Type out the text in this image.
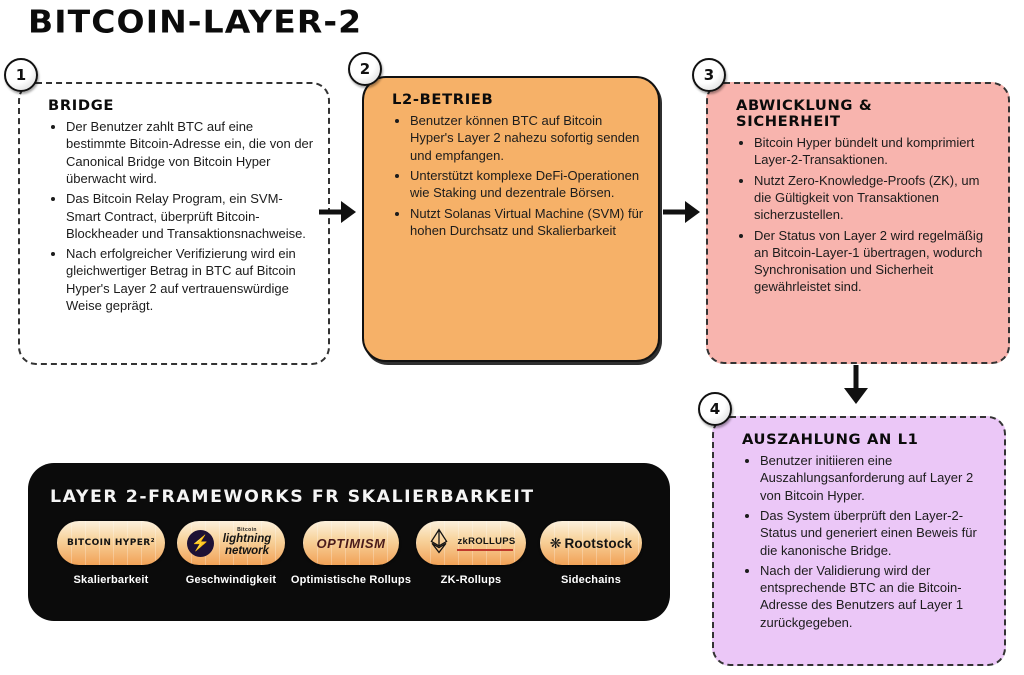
BITCOIN-LAYER-2
1
BRIDGE
• Der Benutzer zahlt BTC auf eine bestimmte Bitcoin-Adresse ein, die von der Canonical Bridge von Bitcoin Hyper überwacht wird.
• Das Bitcoin Relay Program, ein SVM-Smart Contract, überprüft Bitcoin-Blockheader und Transaktionsnachweise.
• Nach erfolgreicher Verifizierung wird ein gleichwertiger Betrag in BTC auf Bitcoin Hyper's Layer 2 auf vertrauenswürdige Weise geprägt.
2
L2-BETRIEB
• Benutzer können BTC auf Bitcoin Hyper's Layer 2 nahezu sofortig senden und empfangen.
• Unterstützt komplexe DeFi-Operationen wie Staking und dezentrale Börsen.
• Nutzt Solanas Virtual Machine (SVM) für hohen Durchsatz und Skalierbarkeit
3
ABWICKLUNG & SICHERHEIT
• Bitcoin Hyper bündelt und komprimiert Layer-2-Transaktionen.
• Nutzt Zero-Knowledge-Proofs (ZK), um die Gültigkeit von Transaktionen sicherzustellen.
• Der Status von Layer 2 wird regelmäßig an Bitcoin-Layer-1 übertragen, wodurch Synchronisation und Sicherheit gewährleistet sind.
4
AUSZAHLUNG AN L1
• Benutzer initiieren eine Auszahlungsanforderung auf Layer 2 von Bitcoin Hyper.
• Das System überprüft den Layer-2-Status und generiert einen Beweis für die kanonische Bridge.
• Nach der Validierung wird der entsprechende BTC an die Bitcoin-Adresse des Benutzers auf Layer 1 zurückgegeben.
LAYER 2-FRAMEWORKS FR SKALIERBARKEIT
BITCOIN HYPER²
Skalierbarkeit
⚡
Bitcoin
lightning network
Geschwindigkeit
OPTIMISM
Optimistische Rollups
zkROLLUPS
ZK-Rollups
❋ Rootstock
Sidechains
